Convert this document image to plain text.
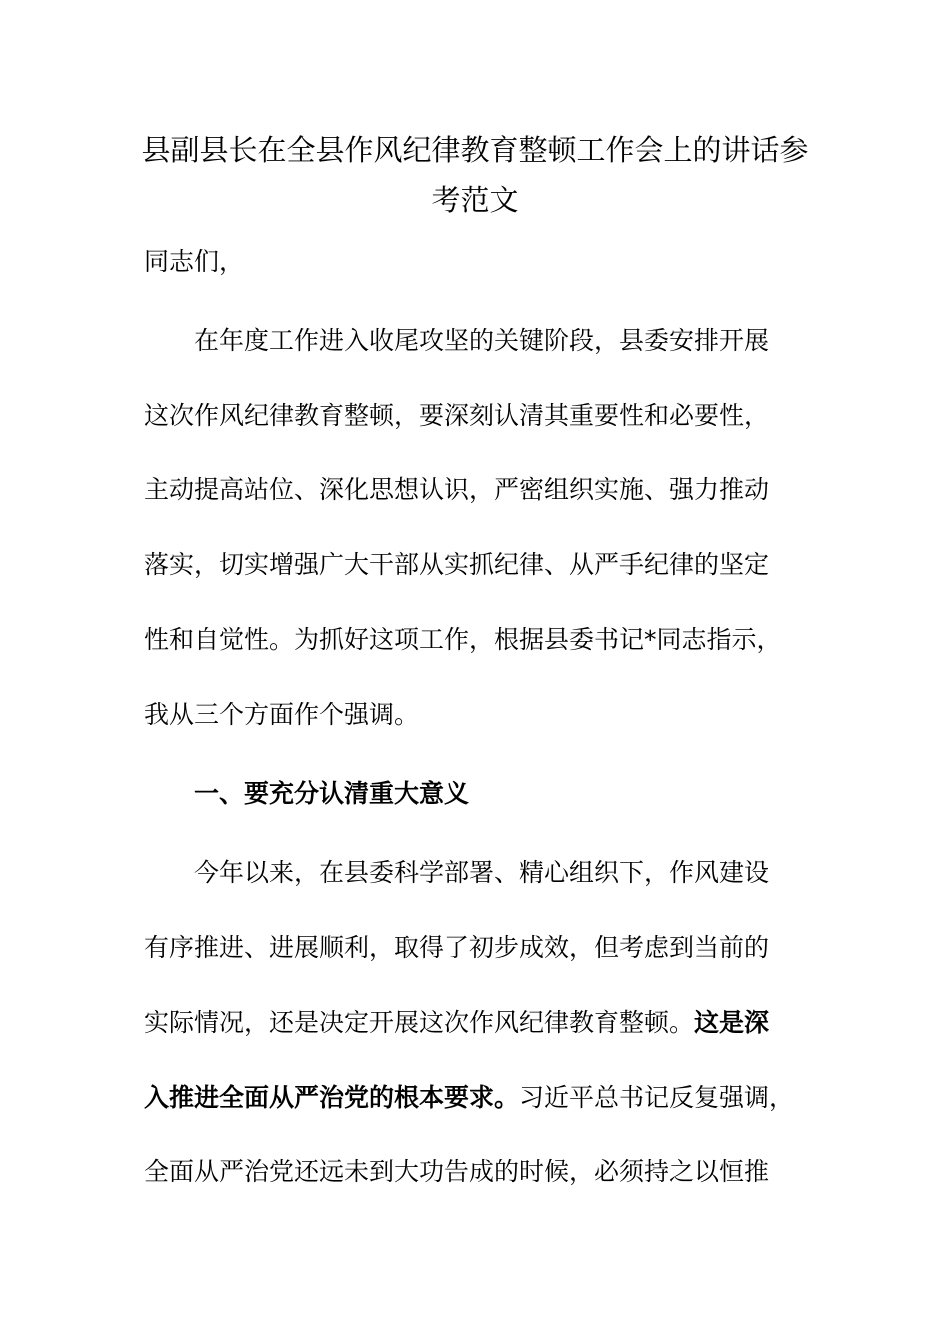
县副县长在全县作风纪律教育整顿工作会上的讲话参
考范文
同志们，
在年度工作进入收尾攻坚的关键阶段，县委安排开展
这次作风纪律教育整顿，要深刻认清其重要性和必要性，
主动提高站位、深化思想认识，严密组织实施、强力推动
落实，切实增强广大干部从实抓纪律、从严手纪律的坚定
性和自觉性。为抓好这项工作，根据县委书记*同志指示，
我从三个方面作个强调。
一、要充分认清重大意义
今年以来，在县委科学部署、精心组织下，作风建设
有序推进、进展顺利，取得了初步成效，但考虑到当前的
实际情况，还是决定开展这次作风纪律教育整顿。这是深
入推进全面从严治党的根本要求。习近平总书记反复强调，
全面从严治党还远未到大功告成的时候，必须持之以恒推
